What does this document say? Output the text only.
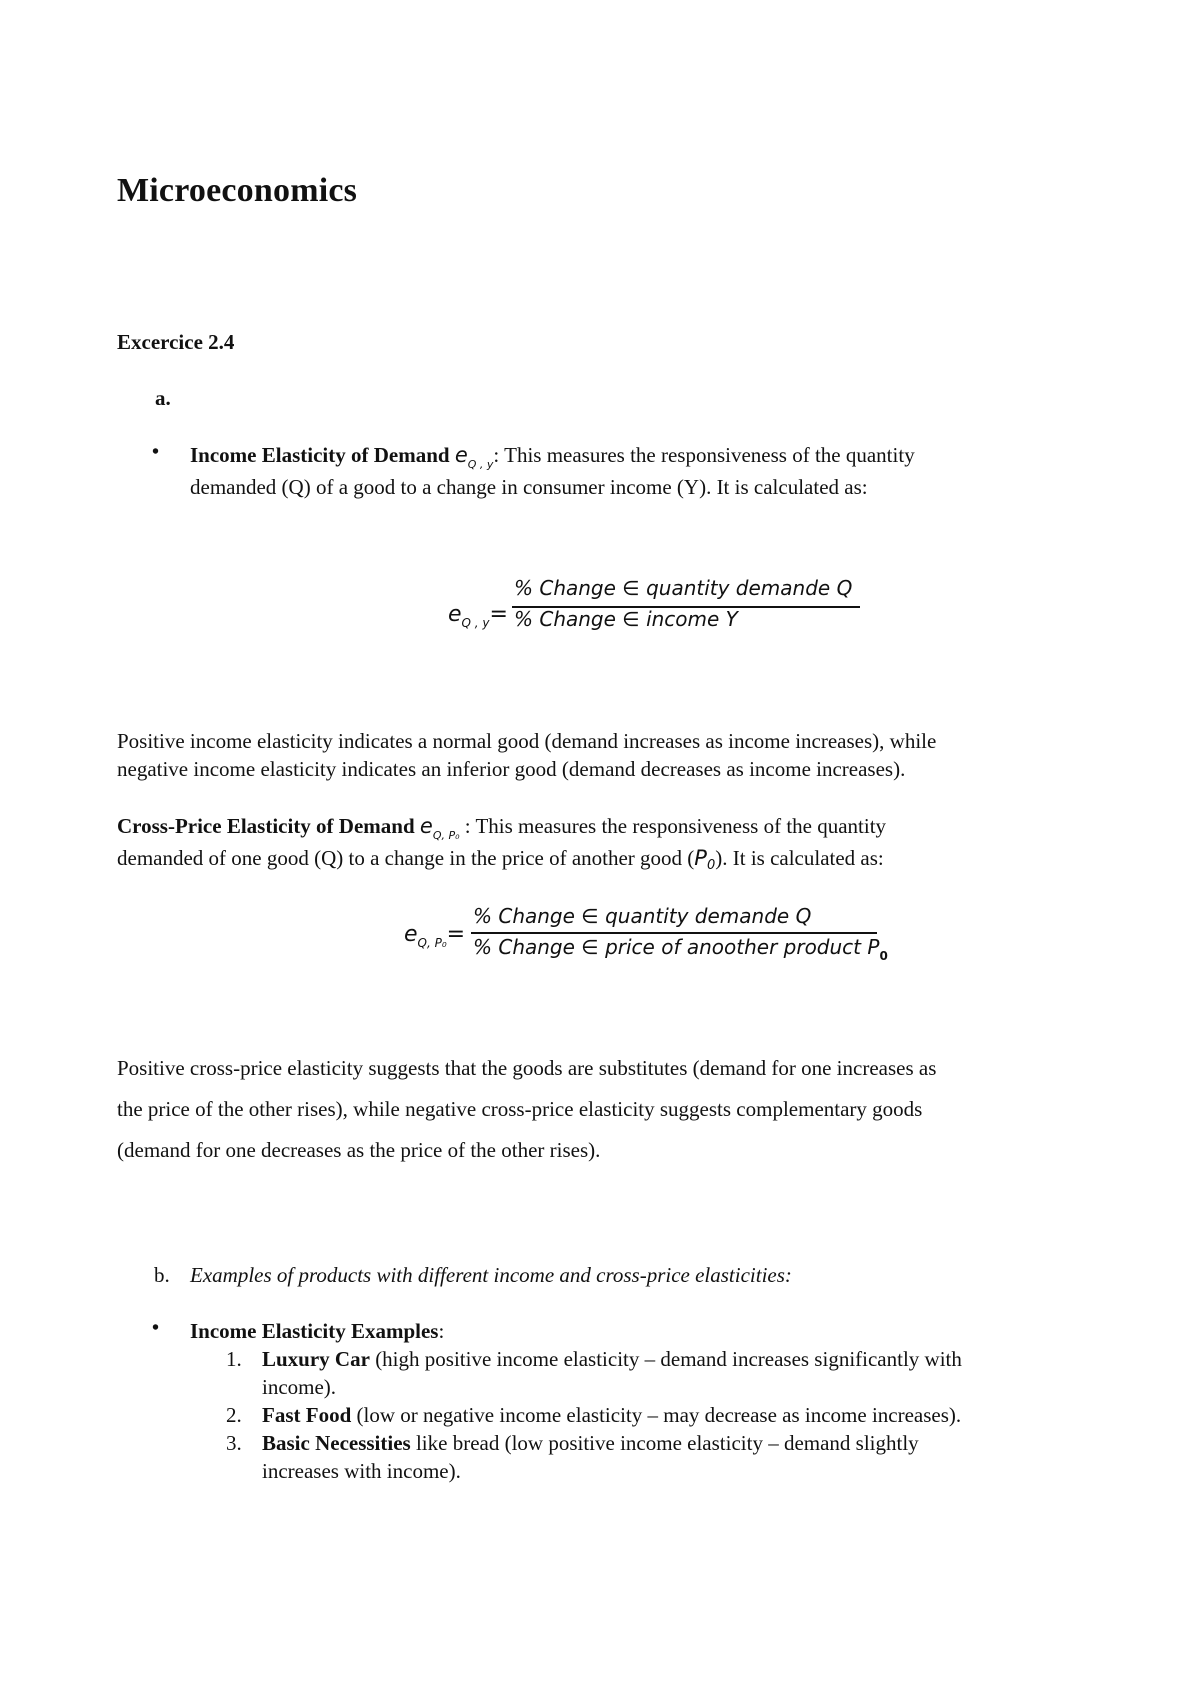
Microeconomics
Excercice 2.4
a.
• Income Elasticity of Demand $e_{Q , y}$: This measures the responsiveness of the quantity
demanded (Q) of a good to a change in consumer income (Y). It is calculated as:
$e_{Q , y}=$
% Change ∈ quantity demande Q
% Change ∈ income Y
Positive income elasticity indicates a normal good (demand increases as income increases), while
negative income elasticity indicates an inferior good (demand decreases as income increases).
Cross-Price Elasticity of Demand $e_{Q, P_0}$ : This measures the responsiveness of the quantity
demanded of one good (Q) to a change in the price of another good (P0). It is calculated as:
$e_{Q, P_0}=$
% Change ∈ quantity demande Q
% Change ∈ price of anoother product $P_0$
Positive cross-price elasticity suggests that the goods are substitutes (demand for one increases as
the price of the other rises), while negative cross-price elasticity suggests complementary goods
(demand for one decreases as the price of the other rises).
b. Examples of products with different income and cross-price elasticities:
• Income Elasticity Examples:
1. Luxury Car (high positive income elasticity – demand increases significantly with
income).
2. Fast Food (low or negative income elasticity – may decrease as income increases).
3. Basic Necessities like bread (low positive income elasticity – demand slightly
increases with income).
